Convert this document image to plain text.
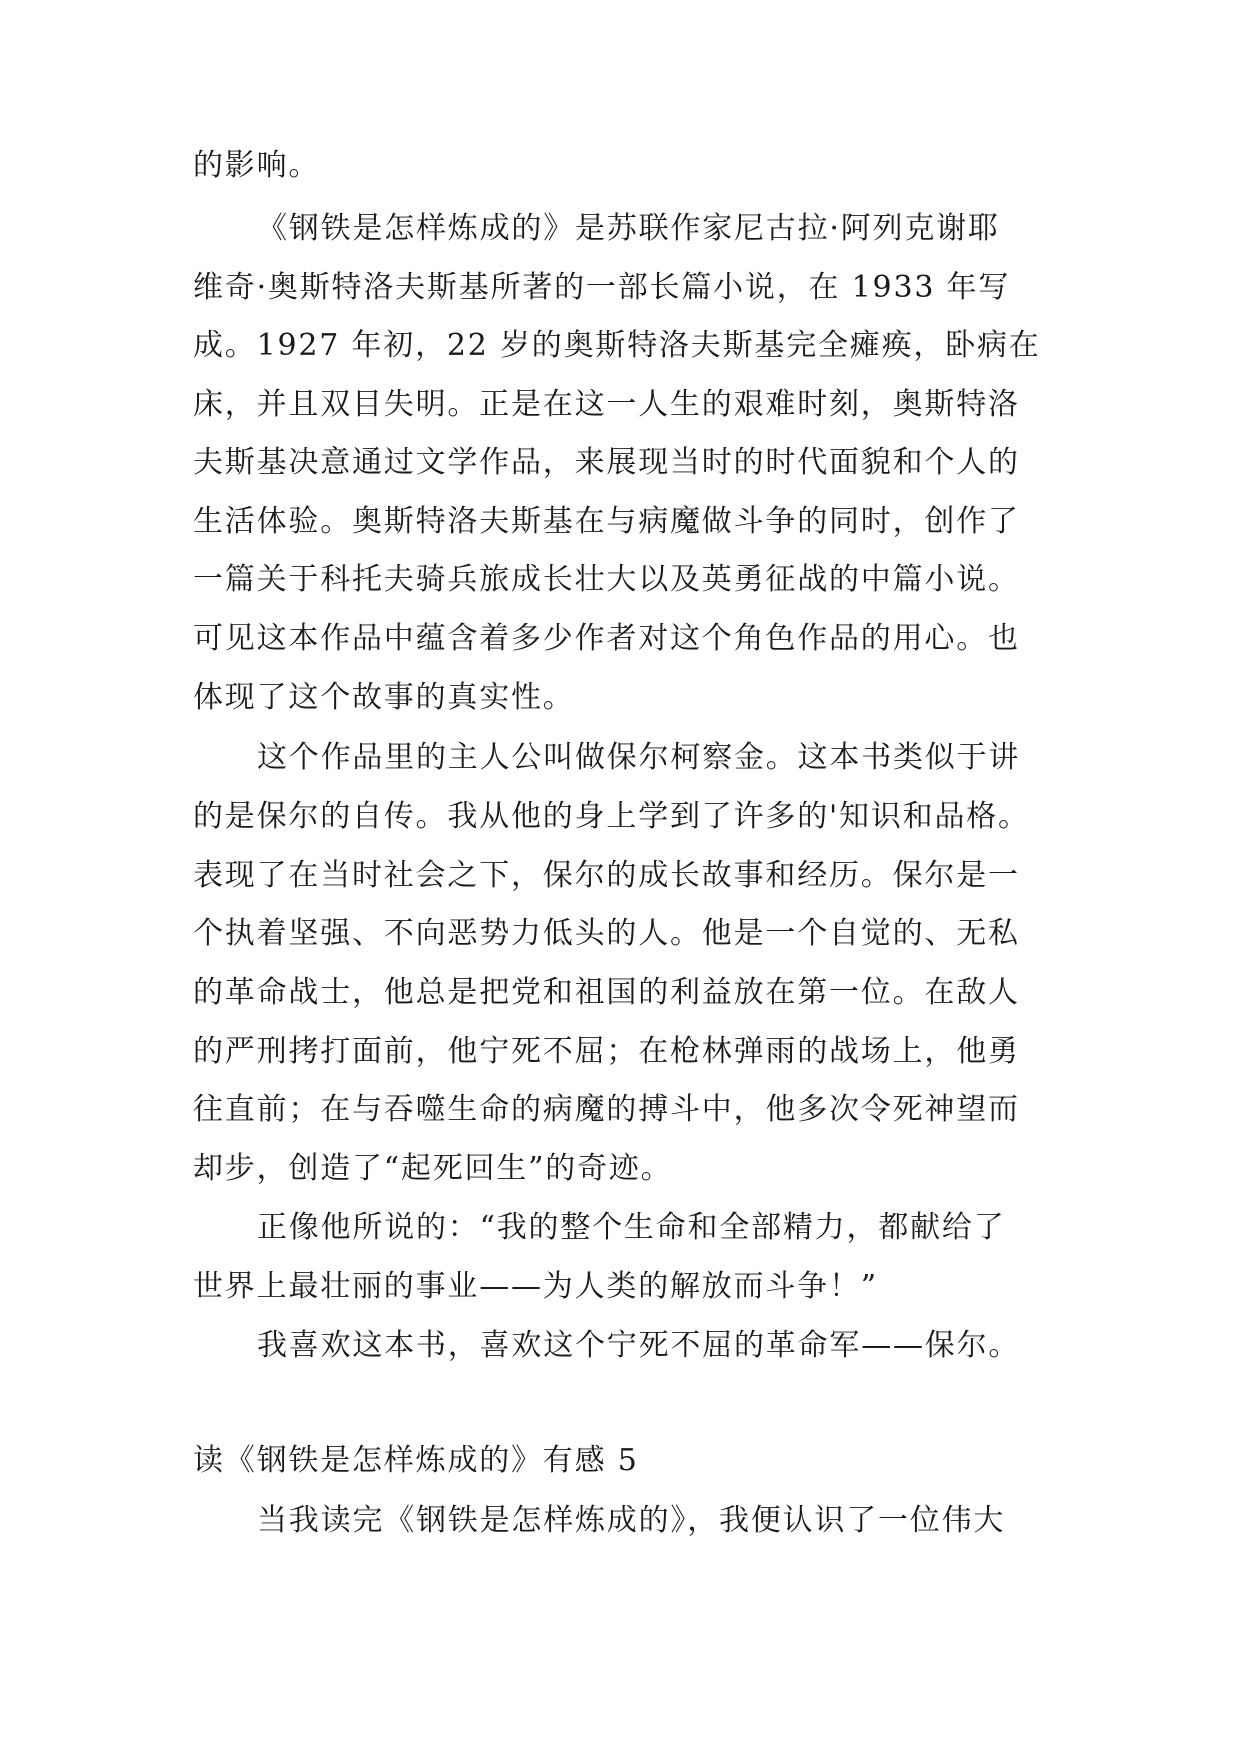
的影响。
《钢铁是怎样炼成的》是苏联作家尼古拉·阿列克谢耶
维奇·奥斯特洛夫斯基所著的一部长篇小说，在 1933 年写
成。1927 年初，22 岁的奥斯特洛夫斯基完全瘫痪，卧病在
床，并且双目失明。正是在这一人生的艰难时刻，奥斯特洛
夫斯基决意通过文学作品，来展现当时的时代面貌和个人的
生活体验。奥斯特洛夫斯基在与病魔做斗争的同时，创作了
一篇关于科托夫骑兵旅成长壮大以及英勇征战的中篇小说。
可见这本作品中蕴含着多少作者对这个角色作品的用心。也
体现了这个故事的真实性。
这个作品里的主人公叫做保尔柯察金。这本书类似于讲
的是保尔的自传。我从他的身上学到了许多的'知识和品格。
表现了在当时社会之下，保尔的成长故事和经历。保尔是一
个执着坚强、不向恶势力低头的人。他是一个自觉的、无私
的革命战士，他总是把党和祖国的利益放在第一位。在敌人
的严刑拷打面前，他宁死不屈；在枪林弹雨的战场上，他勇
往直前；在与吞噬生命的病魔的搏斗中，他多次令死神望而
却步，创造了“起死回生”的奇迹。
正像他所说的：“我的整个生命和全部精力，都献给了
世界上最壮丽的事业——为人类的解放而斗争！”
我喜欢这本书，喜欢这个宁死不屈的革命军——保尔。
读《钢铁是怎样炼成的》有感 5
当我读完《钢铁是怎样炼成的》，我便认识了一位伟大
